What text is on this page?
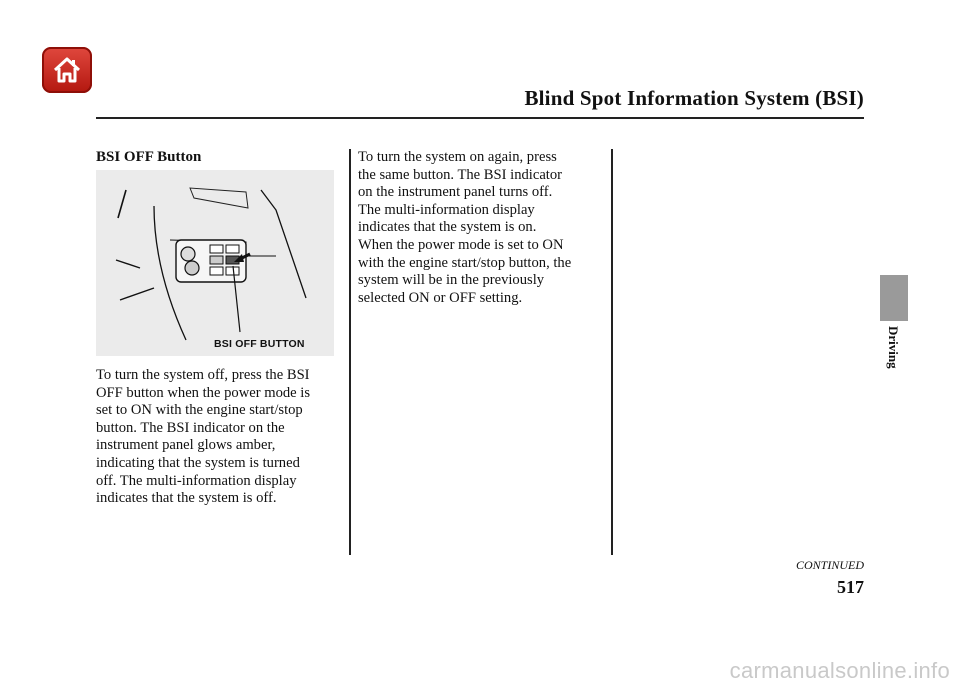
Blind Spot Information System (BSI)
BSI OFF Button
BSI OFF BUTTON

To turn the system off, press the BSI
OFF button when the power mode is
set to ON with the engine start/stop
button. The BSI indicator on the
instrument panel glows amber,
indicating that the system is turned
off. The multi-information display
indicates that the system is off.

To turn the system on again, press
the same button. The BSI indicator
on the instrument panel turns off.
The multi-information display
indicates that the system is on.

When the power mode is set to ON
with the engine start/stop button, the
system will be in the previously
selected ON or OFF setting.

Driving
CONTINUED
517
carmanualsonline.info
